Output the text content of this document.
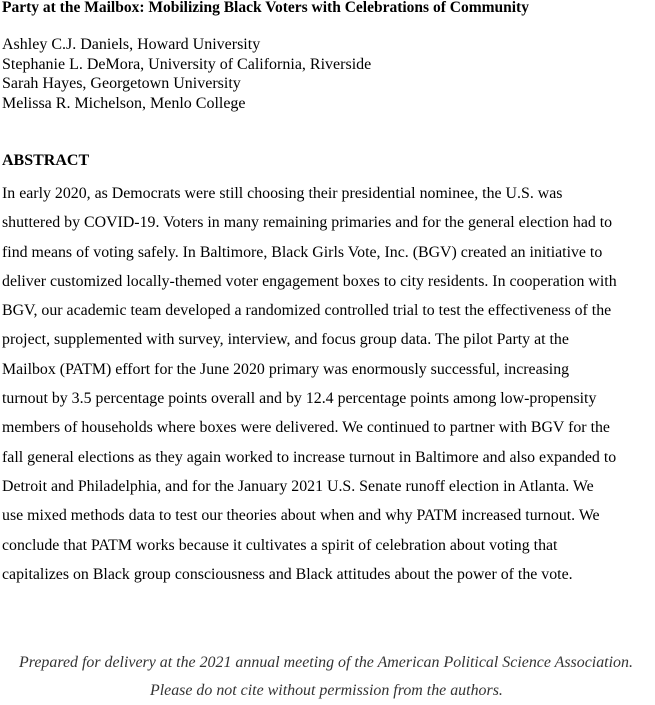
Party at the Mailbox: Mobilizing Black Voters with Celebrations of Community
Ashley C.J. Daniels, Howard University
Stephanie L. DeMora, University of California, Riverside
Sarah Hayes, Georgetown University
Melissa R. Michelson, Menlo College
ABSTRACT
In early 2020, as Democrats were still choosing their presidential nominee, the U.S. was shuttered by COVID-19. Voters in many remaining primaries and for the general election had to find means of voting safely. In Baltimore, Black Girls Vote, Inc. (BGV) created an initiative to deliver customized locally-themed voter engagement boxes to city residents. In cooperation with BGV, our academic team developed a randomized controlled trial to test the effectiveness of the project, supplemented with survey, interview, and focus group data. The pilot Party at the Mailbox (PATM) effort for the June 2020 primary was enormously successful, increasing turnout by 3.5 percentage points overall and by 12.4 percentage points among low-propensity members of households where boxes were delivered. We continued to partner with BGV for the fall general elections as they again worked to increase turnout in Baltimore and also expanded to Detroit and Philadelphia, and for the January 2021 U.S. Senate runoff election in Atlanta. We use mixed methods data to test our theories about when and why PATM increased turnout. We conclude that PATM works because it cultivates a spirit of celebration about voting that capitalizes on Black group consciousness and Black attitudes about the power of the vote.
Prepared for delivery at the 2021 annual meeting of the American Political Science Association. Please do not cite without permission from the authors.
